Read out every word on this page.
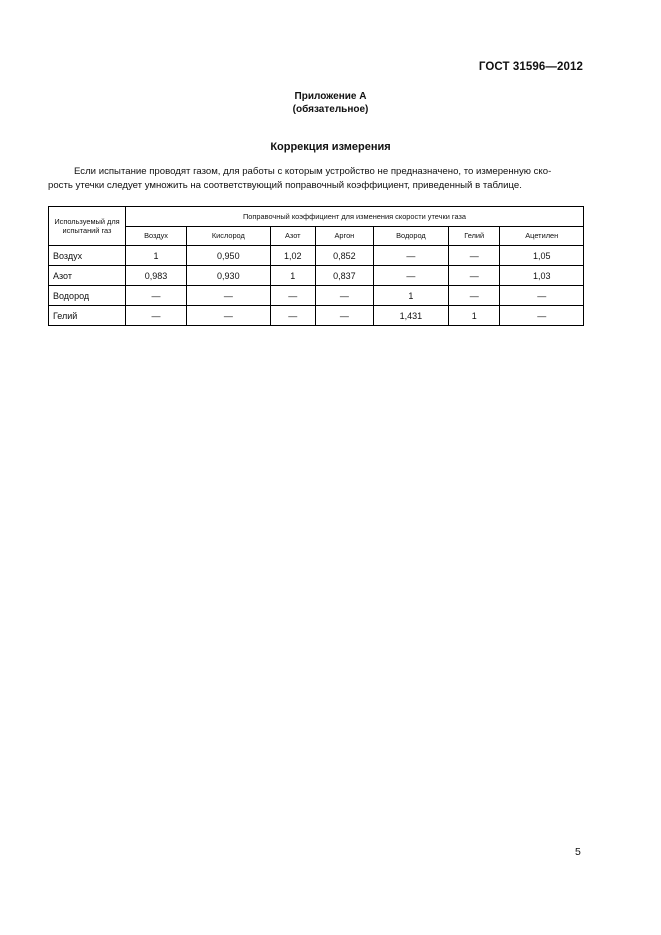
ГОСТ 31596—2012
Приложение А
(обязательное)
Коррекция измерения
Если испытание проводят газом, для работы с которым устройство не предназначено, то измеренную ско-
рость утечки следует умножить на соответствующий поправочный коэффициент, приведенный в таблице.
Используемый для испытаний газ	Поправочный коэффициент для изменения скорости утечки газа						
	Воздух	Кислород	Азот	Аргон	Водород	Гелий	Ацетилен
Воздух	1	0,950	1,02	0,852	—	—	1,05
Азот	0,983	0,930	1	0,837	—	—	1,03
Водород	—	—	—	—	1	—	—
Гелий	—	—	—	—	1,431	1	—
5
